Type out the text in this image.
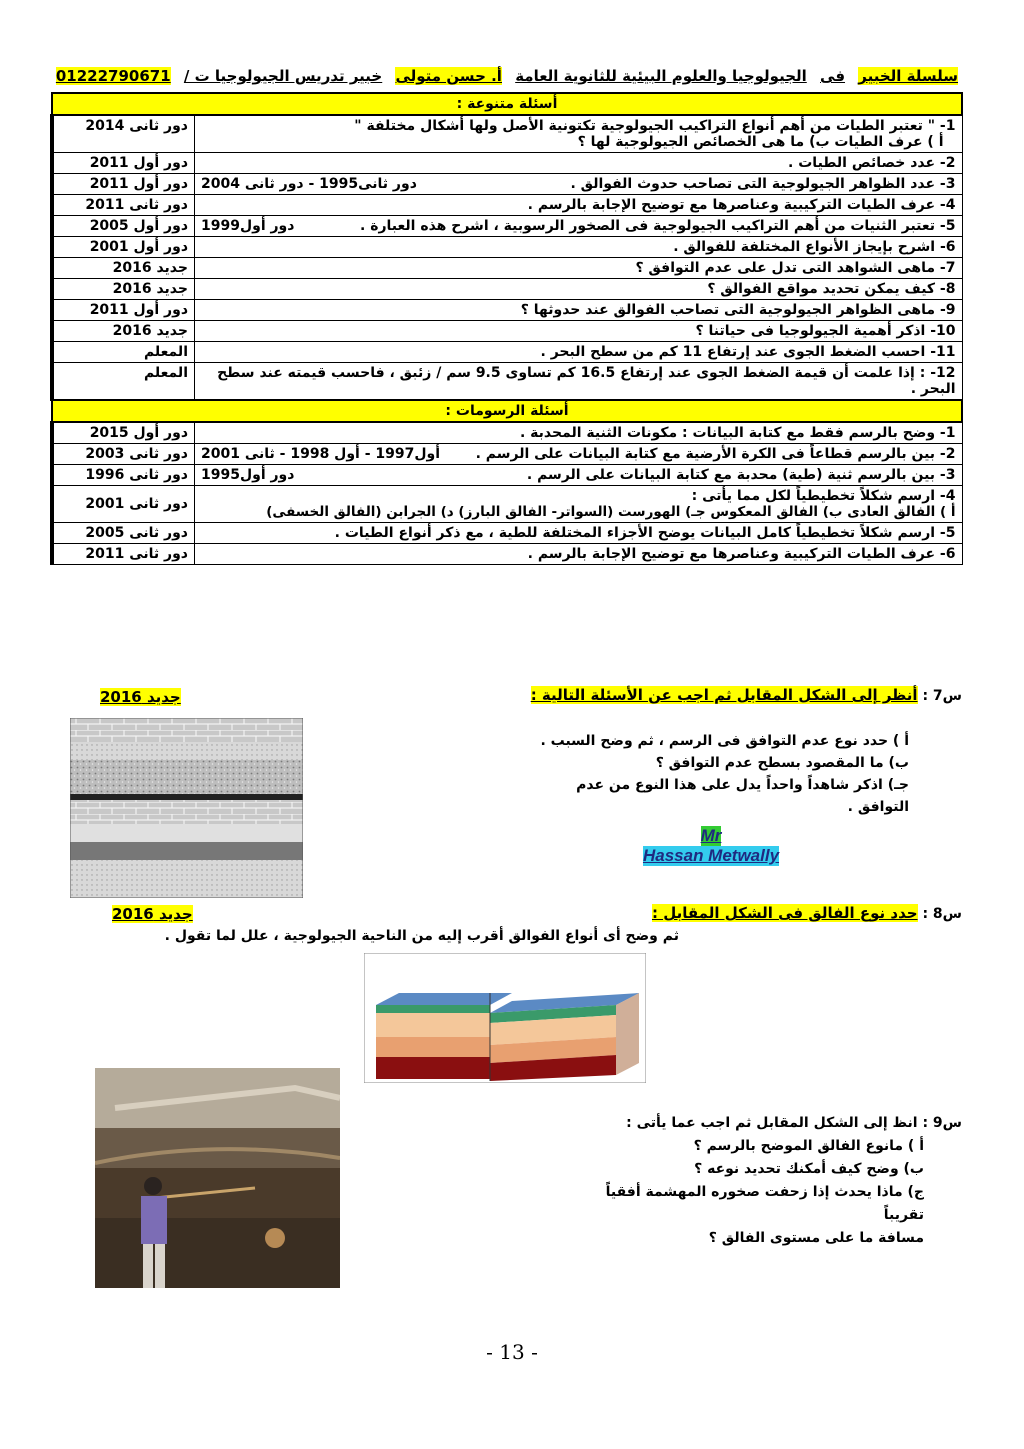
سلسلة الخبير فى الجيولوجيا والعلوم البيئية للثانوية العامة أ. حسن متولى خبير تدريس الجيولوجيا ت / 01222790671
أسئلة متنوعة :	

1- " تعتبر الطيات من أهم أنواع التراكيب الجيولوجية تكتونية الأصل ولها أشكال مختلفة "
أ ) عرف الطيات ب) ما هى الخصائص الجيولوجية لها ؟	دور ثانى 2014

2- عدد خصائص الطيات .	دور أول 2011

3- عدد الظواهر الجيولوجية التى تصاحب حدوث الفوالق .
دور ثانى1995 - دور ثانى 2004	دور أول 2011

4- عرف الطيات التركيبية وعناصرها مع توضيح الإجابة بالرسم .	دور ثانى 2011

5- تعتبر الثنيات من أهم التراكيب الجيولوجية فى الصخور الرسوبية ، اشرح هذه العبارة .
دور أول1999	دور أول 2005

6- اشرح بإيجاز الأنواع المختلفة للفوالق .	دور أول 2001

7- ماهى الشواهد التى تدل على عدم التوافق ؟	جديد 2016

8- كيف يمكن تحديد مواقع الفوالق ؟	جديد 2016

9- ماهى الظواهر الجيولوجية التى تصاحب الفوالق عند حدوثها ؟	دور أول 2011

10- اذكر أهمية الجيولوجيا فى حياتنا ؟	جديد 2016

11- احسب الضغط الجوى عند إرتفاع 11 كم من سطح البحر .	المعلم

12- : إذا علمت أن قيمة الضغط الجوى عند إرتفاع 16.5 كم تساوى 9.5 سم / زئبق ، فاحسب قيمته عند سطح
البحر .	المعلم
أسئلة الرسومات :	

1- وضح بالرسم فقط مع كتابة البيانات : مكونات الثنية المحدبة .	دور أول 2015

2- بين بالرسم قطاعاً فى الكرة الأرضية مع كتابة البيانات على الرسم .
أول1997 - أول 1998 - ثانى 2001	دور ثانى 2003

3- بين بالرسم ثنية (طية) محدبة مع كتابة البيانات على الرسم .
دور أول1995	دور ثانى 1996

4- ارسم شكلاً تخطيطياً لكل مما يأتى :
أ ) الفالق العادى ب) الفالق المعكوس جـ) الهورست (السواتر- الفالق البارز) د) الجرابن (الفالق الخسفى)	دور ثانى 2001

5- ارسم شكلاً تخطيطياً كامل البيانات يوضح الأجزاء المختلفة للطية ، مع ذكر أنواع الطيات .	دور ثانى 2005

6- عرف الطيات التركيبية وعناصرها مع توضيح الإجابة بالرسم .	دور ثانى 2011
س7 : أنظر إلى الشكل المقابل ثم اجب عن الأسئلة التالية :
جديد 2016
أ ) حدد نوع عدم التوافق فى الرسم ، ثم وضح السبب .
ب) ما المقصود بسطح عدم التوافق ؟
جـ) اذكر شاهداً واحداً يدل على هذا النوع من عدم
التوافق .
Mr
Hassan Metwally
س8 : حدد نوع الفالق فى الشكل المقابل :
جديد 2016
ثم وضح أى أنواع الفوالق أقرب إليه من الناحية الجيولوجية ، علل لما تقول .
س9 : انظ إلى الشكل المقابل ثم اجب عما يأتى :
أ ) مانوع الفالق الموضح بالرسم ؟
ب) وضح كيف أمكنك تحديد نوعه ؟
ج) ماذا يحدث إذا زحفت صخوره المهشمة أفقياً تقريباً
مسافة ما على مستوى الفالق ؟
- 13 -
